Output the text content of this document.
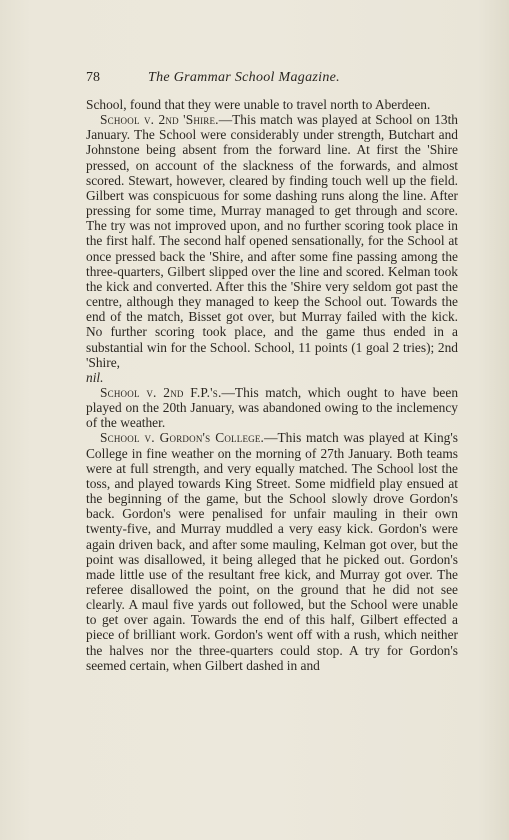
78	The Grammar School Magazine.

School, found that they were unable to travel north to Aberdeen.

School v. 2nd 'Shire.—This match was played at School on 13th January. The School were considerably under strength, Butchart and Johnstone being absent from the forward line. At first the 'Shire pressed, on account of the slackness of the forwards, and almost scored. Stewart, however, cleared by finding touch well up the field. Gilbert was conspicuous for some dashing runs along the line. After pressing for some time, Murray managed to get through and score. The try was not improved upon, and no further scoring took place in the first half. The second half opened sensationally, for the School at once pressed back the 'Shire, and after some fine passing among the three-quarters, Gilbert slipped over the line and scored. Kelman took the kick and converted. After this the 'Shire very seldom got past the centre, although they managed to keep the School out. Towards the end of the match, Bisset got over, but Murray failed with the kick. No further scoring took place, and the game thus ended in a substantial win for the School. School, 11 points (1 goal 2 tries); 2nd 'Shire,
nil.

School v. 2nd F.P.'s.—This match, which ought to have been played on the 20th January, was abandoned owing to the inclemency of the weather.

School v. Gordon's College.—This match was played at King's College in fine weather on the morning of 27th January. Both teams were at full strength, and very equally matched. The School lost the toss, and played towards King Street. Some midfield play ensued at the beginning of the game, but the School slowly drove Gordon's back. Gordon's were penalised for unfair mauling in their own twenty-five, and Murray muddled a very easy kick. Gordon's were again driven back, and after some mauling, Kelman got over, but the point was disallowed, it being alleged that he picked out. Gordon's made little use of the resultant free kick, and Murray got over. The referee disallowed the point, on the ground that he did not see clearly. A maul five yards out followed, but the School were unable to get over again. Towards the end of this half, Gilbert effected a piece of brilliant work. Gordon's went off with a rush, which neither the halves nor the three-quarters could stop. A try for Gordon's seemed certain, when Gilbert dashed in and
